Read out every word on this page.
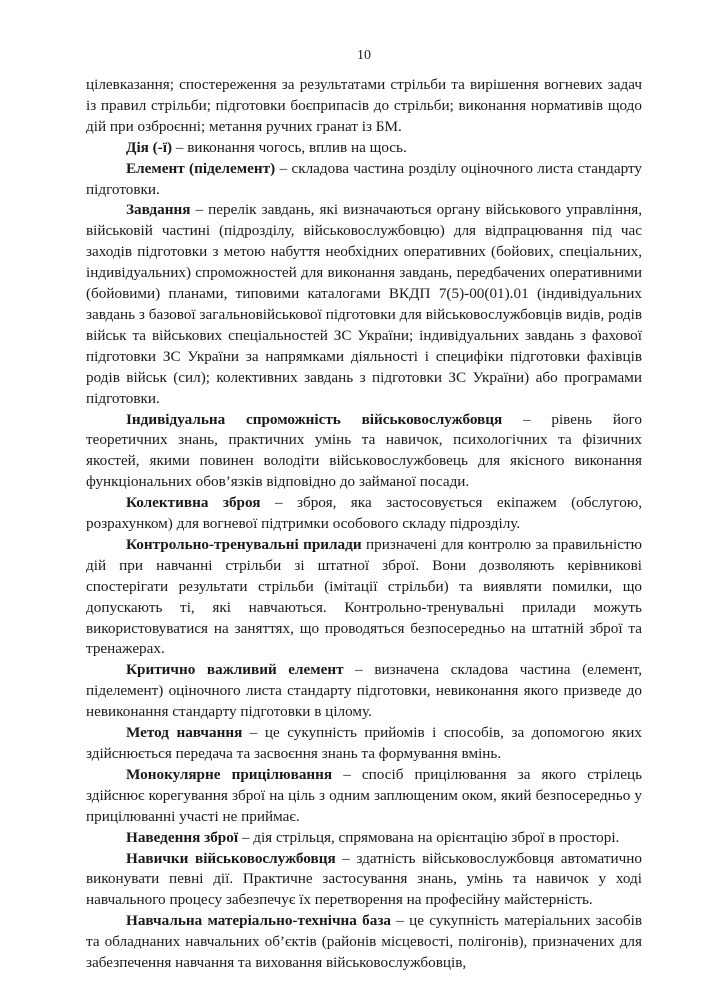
10

цілевказання; спостереження за результатами стрільби та вирішення вогневих задач із правил стрільби; підготовки боєприпасів до стрільби; виконання нормативів щодо дій при озброєнні; метання ручних гранат із БМ.

Дія (-ї) – виконання чогось, вплив на щось.

Елемент (піделемент) – складова частина розділу оціночного листа стандарту підготовки.

Завдання – перелік завдань, які визначаються органу військового управління, військовій частині (підрозділу, військовослужбовцю) для відпрацювання під час заходів підготовки з метою набуття необхідних оперативних (бойових, спеціальних, індивідуальних) спроможностей для виконання завдань, передбачених оперативними (бойовими) планами, типовими каталогами ВКДП 7(5)-00(01).01 (індивідуальних завдань з базової загальновійськової підготовки для військовослужбовців видів, родів військ та військових спеціальностей ЗС України; індивідуальних завдань з фахової підготовки ЗС України за напрямками діяльності і специфіки підготовки фахівців родів військ (сил); колективних завдань з підготовки ЗС України) або програмами підготовки.

Індивідуальна спроможність військовослужбовця – рівень його теоретичних знань, практичних умінь та навичок, психологічних та фізичних якостей, якими повинен володіти військовослужбовець для якісного виконання функціональних обов’язків відповідно до займаної посади.

Колективна зброя – зброя, яка застосовується екіпажем (обслугою, розрахунком) для вогневої підтримки особового складу підрозділу.

Контрольно-тренувальні прилади призначені для контролю за правильністю дій при навчанні стрільби зі штатної зброї. Вони дозволяють керівникові спостерігати результати стрільби (імітації стрільби) та виявляти помилки, що допускають ті, які навчаються. Контрольно-тренувальні прилади можуть використовуватися на заняттях, що проводяться безпосередньо на штатній зброї та тренажерах.

Критично важливий елемент – визначена складова частина (елемент, піделемент) оціночного листа стандарту підготовки, невиконання якого призведе до невиконання стандарту підготовки в цілому.

Метод навчання – це сукупність прийомів і способів, за допомогою яких здійснюється передача та засвоєння знань та формування вмінь.

Монокулярне прицілювання – спосіб прицілювання за якого стрілець здійснює корегування зброї на ціль з одним заплющеним оком, який безпосередньо у прицілюванні участі не приймає.

Наведення зброї – дія стрільця, спрямована на орієнтацію зброї в просторі.

Навички військовослужбовця – здатність військовослужбовця автоматично виконувати певні дії. Практичне застосування знань, умінь та навичок у ході навчального процесу забезпечує їх перетворення на професійну майстерність.

Навчальна матеріально-технічна база – це сукупність матеріальних засобів та обладнаних навчальних об’єктів (районів місцевості, полігонів), призначених для забезпечення навчання та виховання військовослужбовців,
